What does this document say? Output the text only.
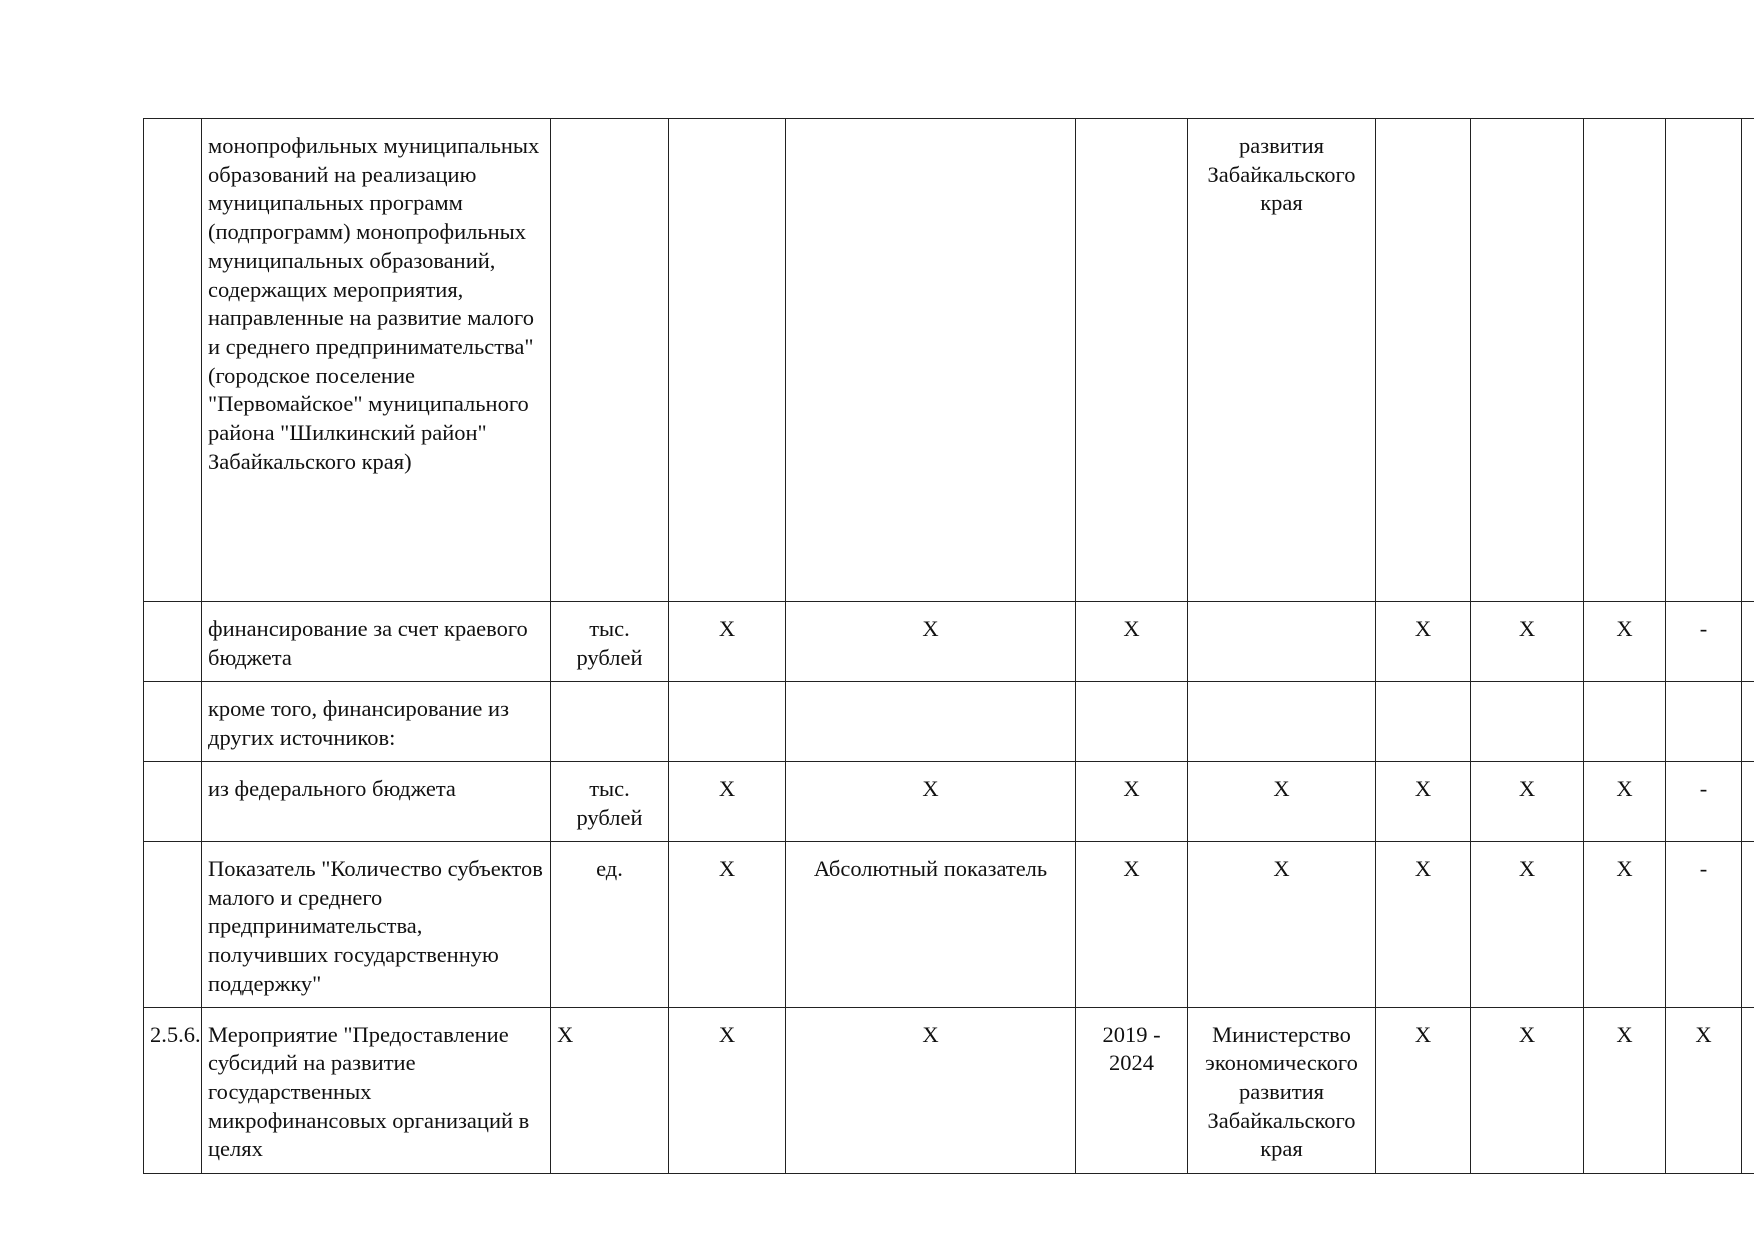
	монопрофильных муниципальных образований на реализацию муниципальных программ (подпрограмм) монопрофильных муниципальных образований, содержащих мероприятия, направленные на развитие малого и среднего предпринимательства" (городское поселение "Первомайское" муниципального района "Шилкинский район" Забайкальского края)					развития Забайкальского края					
	финансирование за счет краевого бюджета	тыс. рублей	X	X	X		X	X	X	-	
	кроме того, финансирование из других источников:										
	из федерального бюджета	тыс. рублей	X	X	X	X	X	X	X	-	
	Показатель "Количество субъектов малого и среднего предпринимательства, получивших государственную поддержку"	ед.	X	Абсолютный показатель	X	X	X	X	X	-	
2.5.6.	Мероприятие "Предоставление субсидий на развитие государственных микрофинансовых организаций в целях	X	X	X	2019 - 2024	Министерство экономического развития Забайкальского края	X	X	X	X	
